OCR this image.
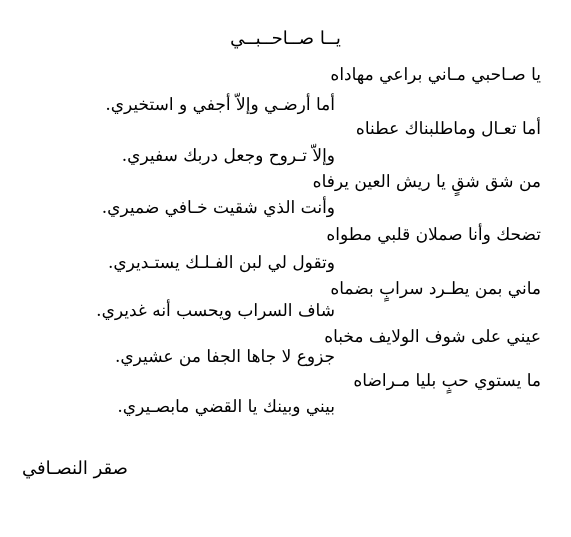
يــا صــاحــبــي
يا صـاحبي مـاني براعي مهاداه
أما أرضـي وإلاّ أجفي و استخيري.
أما تعـال وماطلبناك عطناه
وإلاّ تـروح وجعل دربك سفيري.
من شق شقٍ يا ريش العين يرفاه
وأنت الذي شقيت خـافي ضميري.
تضحك وأنا صملان قلبي مطواه
وتقول لي لبن الفـلـك يستـديري.
ماني بمن يطـرد سرابٍ بضماه
شاف السراب ويحسب أنه غديري.
عيني على شوف الولايف مخباه
جزوع لا جاها الجفا من عشيري.
ما يستوي حبٍ بليا مـراضاه
بيني وبينك يا القضي مابصـيري.
صقر النصـافي
